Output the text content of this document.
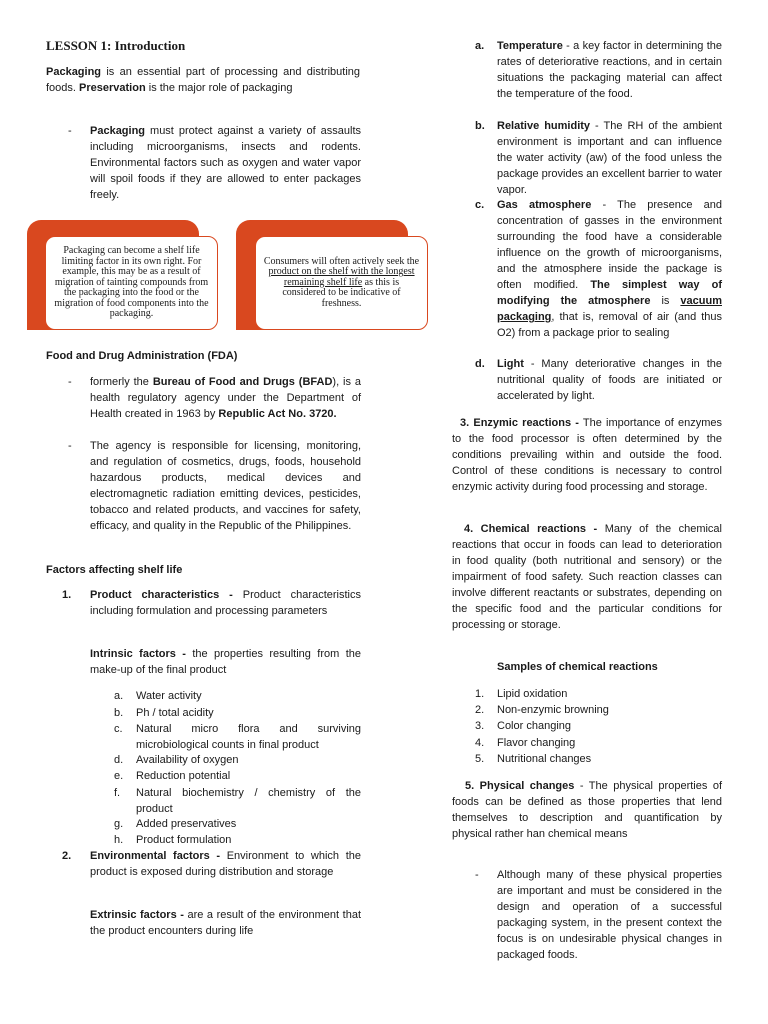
LESSON 1: Introduction

Packaging is an essential part of processing and distributing foods. Preservation is the major role of packaging

- Packaging must protect against a variety of assaults including microorganisms, insects and rodents. Environmental factors such as oxygen and water vapor will spoil foods if they are allowed to enter packages freely.

Packaging can become a shelf life limiting factor in its own right. For example, this may be as a result of migration of tainting compounds from the packaging into the food or the migration of food components into the packaging.
Consumers will often actively seek the product on the shelf with the longest remaining shelf life as this is considered to be indicative of freshness.
Food and Drug Administration (FDA)
- formerly the Bureau of Food and Drugs (BFAD), is a health regulatory agency under the Department of Health created in 1963 by Republic Act No. 3720.

- The agency is responsible for licensing, monitoring, and regulation of cosmetics, drugs, foods, household hazardous products, medical devices and electromagnetic radiation emitting devices, pesticides, tobacco and related products, and vaccines for safety, efficacy, and quality in the Republic of the Philippines.

Factors affecting shelf life
1. Product characteristics - Product characteristics including formulation and processing parameters

Intrinsic factors - the properties resulting from the make-up of the final product

a. Water activity

b. Ph / total acidity

c. Natural micro flora and surviving microbiological counts in final product

d. Availability of oxygen

e. Reduction potential

f. Natural biochemistry / chemistry of the product

g. Added preservatives

h. Product formulation

2. Environmental factors - Environment to which the product is exposed during distribution and storage

Extrinsic factors - are a result of the environment that the product encounters during life

a. Temperature - a key factor in determining the rates of deteriorative reactions, and in certain situations the packaging material can affect the temperature of the food.

b. Relative humidity - The RH of the ambient environment is important and can influence the water activity (aw) of the food unless the package provides an excellent barrier to water vapor.

c. Gas atmosphere - The presence and concentration of gasses in the environment surrounding the food have a considerable influence on the growth of microorganisms, and the atmosphere inside the package is often modified. The simplest way of modifying the atmosphere is vacuum packaging, that is, removal of air (and thus O2) from a package prior to sealing

d. Light - Many deteriorative changes in the nutritional quality of foods are initiated or accelerated by light.

3. Enzymic reactions - The importance of enzymes to the food processor is often determined by the conditions prevailing within and outside the food. Control of these conditions is necessary to control enzymic activity during food processing and storage.

4. Chemical reactions - Many of the chemical reactions that occur in foods can lead to deterioration in food quality (both nutritional and sensory) or the impairment of food safety. Such reaction classes can involve different reactants or substrates, depending on the specific food and the particular conditions for processing or storage.

Samples of chemical reactions
1. Lipid oxidation

2. Non-enzymic browning

3. Color changing

4. Flavor changing

5. Nutritional changes

5. Physical changes - The physical properties of foods can be defined as those properties that lend themselves to description and quantification by physical rather han chemical means

- Although many of these physical properties are important and must be considered in the design and operation of a successful packaging system, in the present context the focus is on undesirable physical changes in packaged foods.
